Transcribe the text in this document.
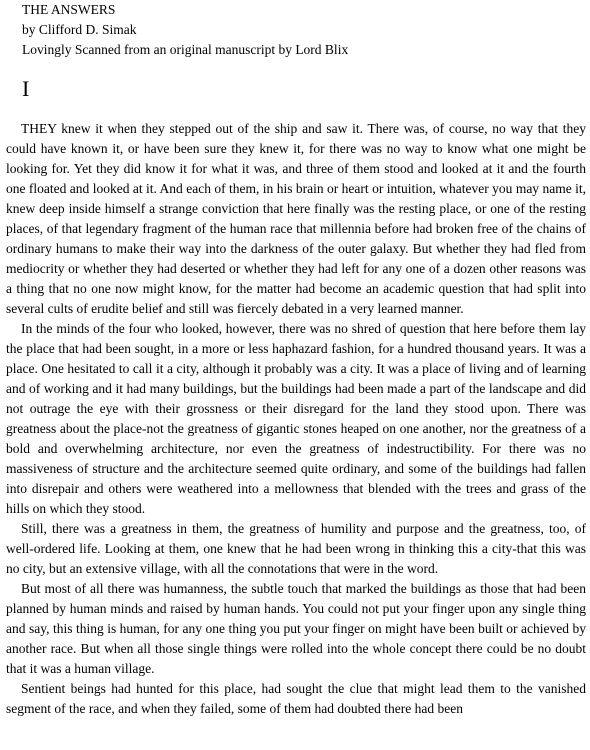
THE ANSWERS
by Clifford D. Simak
Lovingly Scanned from an original manuscript by Lord Blix
I

THEY knew it when they stepped out of the ship and saw it. There was, of course, no way that they could have known it, or have been sure they knew it, for there was no way to know what one might be looking for. Yet they did know it for what it was, and three of them stood and looked at it and the fourth one floated and looked at it. And each of them, in his brain or heart or intuition, whatever you may name it, knew deep inside himself a strange conviction that here finally was the resting place, or one of the resting places, of that legendary fragment of the human race that millennia before had broken free of the chains of ordinary humans to make their way into the darkness of the outer galaxy. But whether they had fled from mediocrity or whether they had deserted or whether they had left for any one of a dozen other reasons was a thing that no one now might know, for the matter had become an academic question that had split into several cults of erudite belief and still was fiercely debated in a very learned manner.

In the minds of the four who looked, however, there was no shred of question that here before them lay the place that had been sought, in a more or less haphazard fashion, for a hundred thousand years. It was a place. One hesitated to call it a city, although it probably was a city. It was a place of living and of learning and of working and it had many buildings, but the buildings had been made a part of the landscape and did not outrage the eye with their grossness or their disregard for the land they stood upon. There was greatness about the place-not the greatness of gigantic stones heaped on one another, nor the greatness of a bold and overwhelming architecture, nor even the greatness of indestructibility. For there was no massiveness of structure and the architecture seemed quite ordinary, and some of the buildings had fallen into disrepair and others were weathered into a mellowness that blended with the trees and grass of the hills on which they stood.

Still, there was a greatness in them, the greatness of humility and purpose and the greatness, too, of well-ordered life. Looking at them, one knew that he had been wrong in thinking this a city-that this was no city, but an extensive village, with all the connotations that were in the word.

But most of all there was humanness, the subtle touch that marked the buildings as those that had been planned by human minds and raised by human hands. You could not put your finger upon any single thing and say, this thing is human, for any one thing you put your finger on might have been built or achieved by another race. But when all those single things were rolled into the whole concept there could be no doubt that it was a human village.

Sentient beings had hunted for this place, had sought the clue that might lead them to the vanished segment of the race, and when they failed, some of them had doubted there had been
